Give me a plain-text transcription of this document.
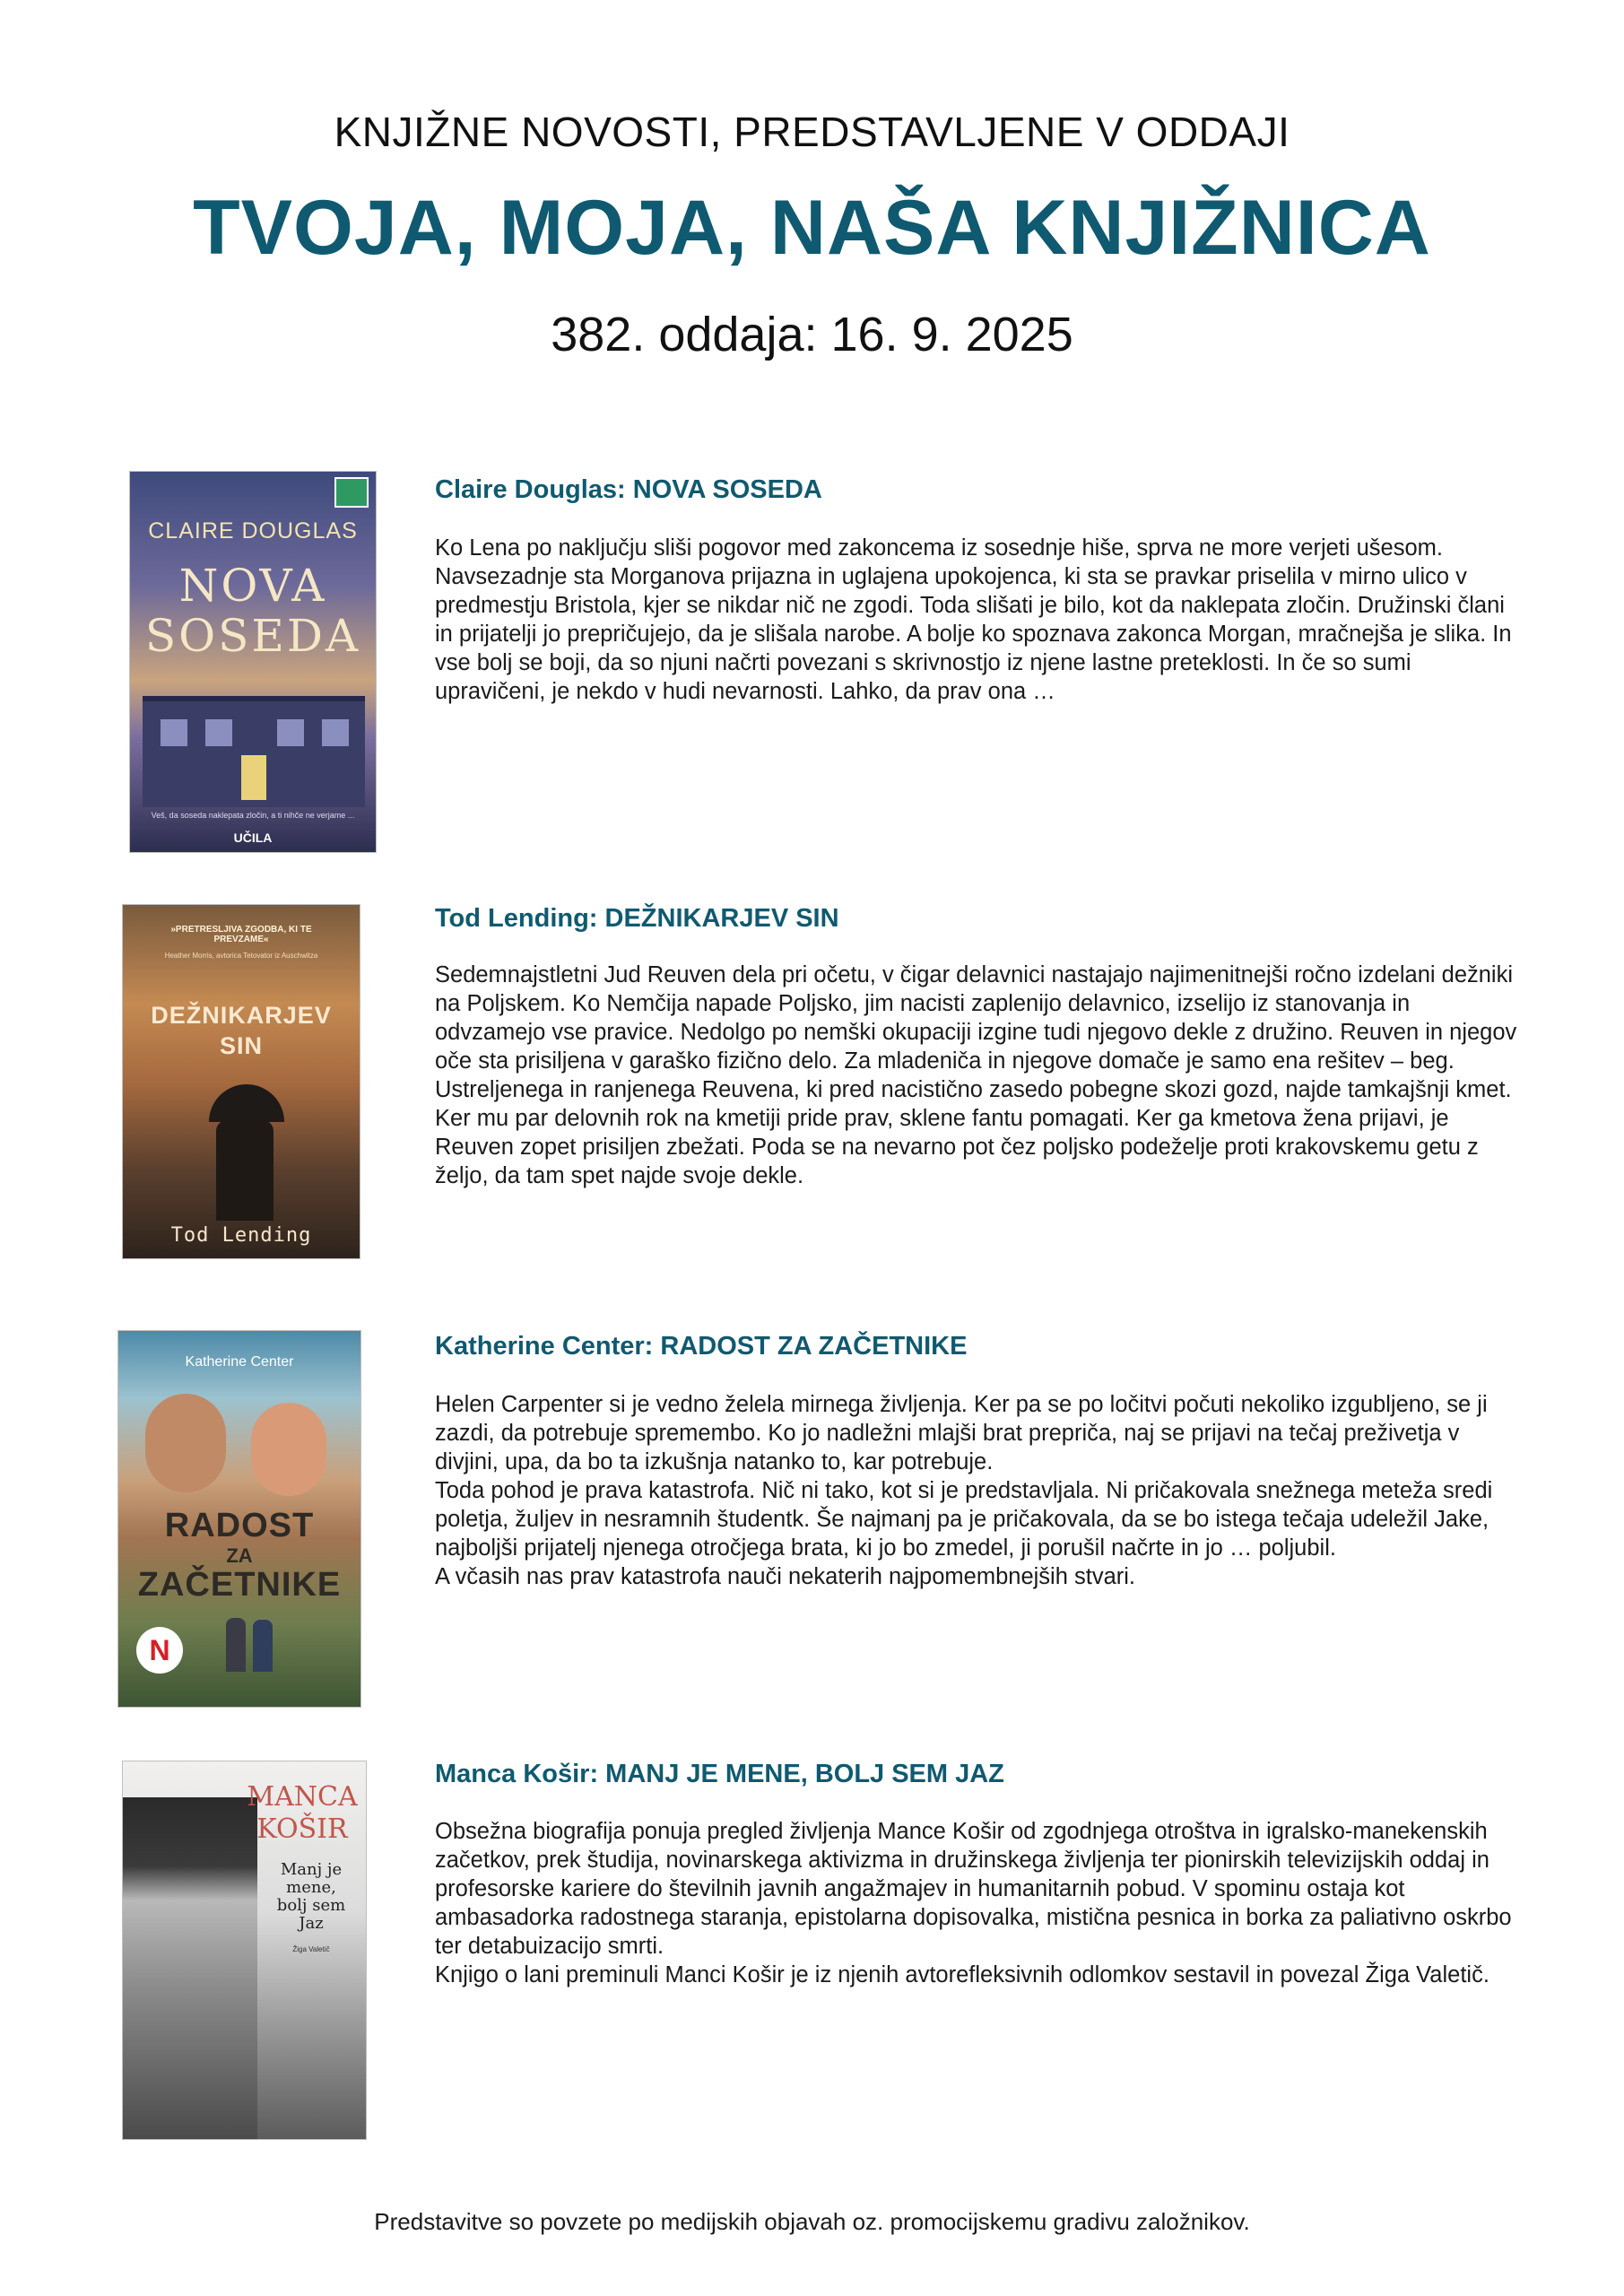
KNJIŽNE NOVOSTI, PREDSTAVLJENE V ODDAJI
TVOJA, MOJA, NAŠA KNJIŽNICA
382. oddaja: 16. 9. 2025
CLAIRE DOUGLAS
NOVA
SOSEDA
Veš, da soseda naklepata zločin, a ti nihče ne verjame ...
UČILA
Claire Douglas: NOVA SOSEDA

Ko Lena po naključju sliši pogovor med zakoncema iz sosednje hiše, sprva ne more verjeti ušesom.

Navsezadnje sta Morganova prijazna in uglajena upokojenca, ki sta se pravkar priselila v mirno ulico v predmestju Bristola, kjer se nikdar nič ne zgodi. Toda slišati je bilo, kot da naklepata zločin. Družinski člani in prijatelji jo prepričujejo, da je slišala narobe. A bolje ko spoznava zakonca Morgan, mračnejša je slika. In vse bolj se boji, da so njuni načrti povezani s skrivnostjo iz njene lastne preteklosti. In če so sumi upravičeni, je nekdo v hudi nevarnosti. Lahko, da prav ona …

»PRETRESLJIVA ZGODBA, KI TE PREVZAME«
Heather Morris, avtorica Tetovator iz Auschwitza
DEŽNIKARJEV
SIN
Tod Lending
Tod Lending: DEŽNIKARJEV SIN

Sedemnajstletni Jud Reuven dela pri očetu, v čigar delavnici nastajajo najimenitnejši ročno izdelani dežniki na Poljskem. Ko Nemčija napade Poljsko, jim nacisti zaplenijo delavnico, izselijo iz stanovanja in odvzamejo vse pravice. Nedolgo po nemški okupaciji izgine tudi njegovo dekle z družino. Reuven in njegov oče sta prisiljena v garaško fizično delo. Za mladeniča in njegove domače je samo ena rešitev – beg. Ustreljenega in ranjenega Reuvena, ki pred nacistično zasedo pobegne skozi gozd, najde tamkajšnji kmet. Ker mu par delovnih rok na kmetiji pride prav, sklene fantu pomagati. Ker ga kmetova žena prijavi, je Reuven zopet prisiljen zbežati. Poda se na nevarno pot čez poljsko podeželje proti krakovskemu getu z željo, da tam spet najde svoje dekle.

Katherine Center
RADOST
ZA
ZAČETNIKE
N
Katherine Center: RADOST ZA ZAČETNIKE

Helen Carpenter si je vedno želela mirnega življenja. Ker pa se po ločitvi počuti nekoliko izgubljeno, se ji zazdi, da potrebuje spremembo. Ko jo nadležni mlajši brat prepriča, naj se prijavi na tečaj preživetja v divjini, upa, da bo ta izkušnja natanko to, kar potrebuje.

Toda pohod je prava katastrofa. Nič ni tako, kot si je predstavljala. Ni pričakovala snežnega meteža sredi poletja, žuljev in nesramnih študentk. Še najmanj pa je pričakovala, da se bo istega tečaja udeležil Jake, najboljši prijatelj njenega otročjega brata, ki jo bo zmedel, ji porušil načrte in jo … poljubil.

A včasih nas prav katastrofa nauči nekaterih najpomembnejših stvari.

MANCA
KOŠIR
Manj je
mene,
bolj sem
Jaz
Žiga Valetič
Manca Košir: MANJ JE MENE, BOLJ SEM JAZ

Obsežna biografija ponuja pregled življenja Mance Košir od zgodnjega otroštva in igralsko-manekenskih začetkov, prek študija, novinarskega aktivizma in družinskega življenja ter pionirskih televizijskih oddaj in profesorske kariere do številnih javnih angažmajev in humanitarnih pobud. V spominu ostaja kot ambasadorka radostnega staranja, epistolarna dopisovalka, mistična pesnica in borka za paliativno oskrbo ter detabuizacijo smrti.

Knjigo o lani preminuli Manci Košir je iz njenih avtorefleksivnih odlomkov sestavil in povezal Žiga Valetič.

Predstavitve so povzete po medijskih objavah oz. promocijskemu gradivu založnikov.
